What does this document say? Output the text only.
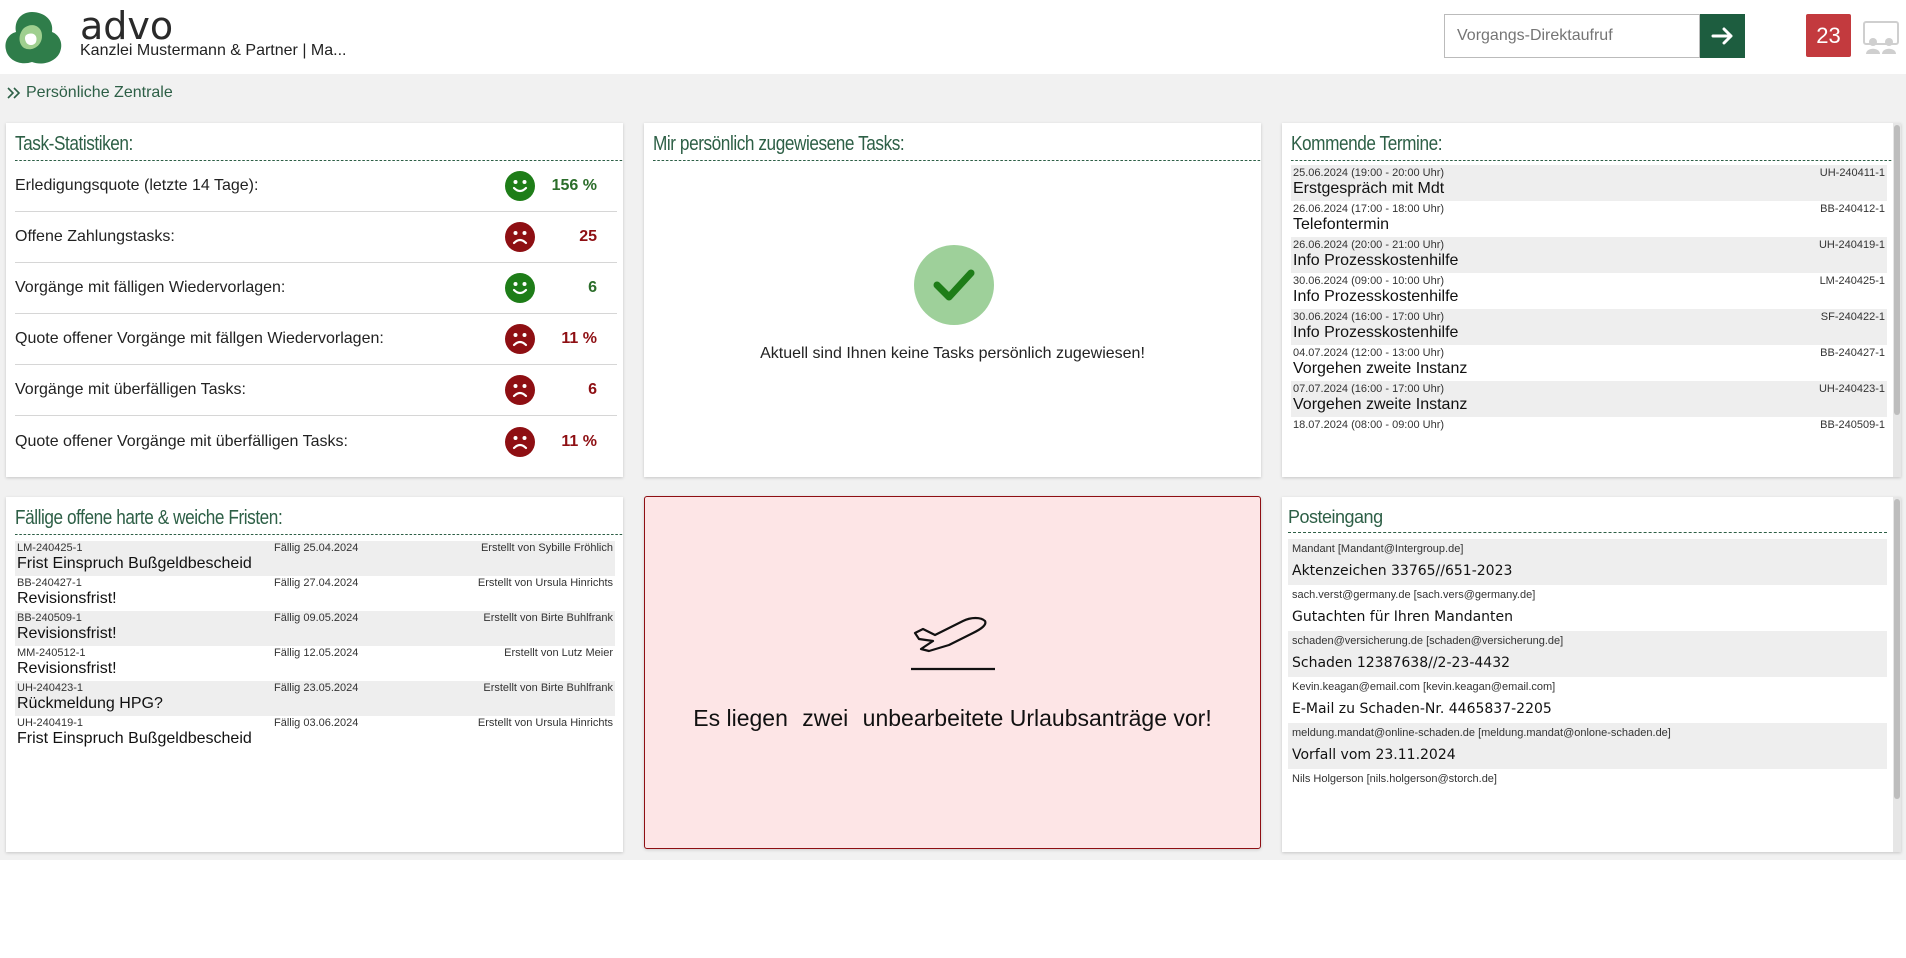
advo
Kanzlei Mustermann & Partner | Ma...
Vorgangs-Direktaufruf
23
Persönliche Zentrale
Task-Statistiken:
Erledigungsquote (letzte 14 Tage):	156 %
Offene Zahlungstasks:	25
Vorgänge mit fälligen Wiedervorlagen:	6
Quote offener Vorgänge mit fällgen Wiedervorlagen:	11 %
Vorgänge mit überfälligen Tasks:	6
Quote offener Vorgänge mit überfälligen Tasks:	11 %
Mir persönlich zugewiesene Tasks:
Aktuell sind Ihnen keine Tasks persönlich zugewiesen!
Kommende Termine:
25.06.2024 (19:00 - 20:00 Uhr)	UH-240411-1
Erstgespräch mit Mdt
26.06.2024 (17:00 - 18:00 Uhr)	BB-240412-1
Telefontermin
26.06.2024 (20:00 - 21:00 Uhr)	UH-240419-1
Info Prozesskostenhilfe
30.06.2024 (09:00 - 10:00 Uhr)	LM-240425-1
Info Prozesskostenhilfe
30.06.2024 (16:00 - 17:00 Uhr)	SF-240422-1
Info Prozesskostenhilfe
04.07.2024 (12:00 - 13:00 Uhr)	BB-240427-1
Vorgehen zweite Instanz
07.07.2024 (16:00 - 17:00 Uhr)	UH-240423-1
Vorgehen zweite Instanz
18.07.2024 (08:00 - 09:00 Uhr)	BB-240509-1
Fällige offene harte & weiche Fristen:
LM-240425-1	Fällig 25.04.2024	Erstellt von Sybille Fröhlich
Frist Einspruch Bußgeldbescheid
BB-240427-1	Fällig 27.04.2024	Erstellt von Ursula Hinrichts
Revisionsfrist!
BB-240509-1	Fällig 09.05.2024	Erstellt von Birte Buhlfrank
Revisionsfrist!
MM-240512-1	Fällig 12.05.2024	Erstellt von Lutz Meier
Revisionsfrist!
UH-240423-1	Fällig 23.05.2024	Erstellt von Birte Buhlfrank
Rückmeldung HPG?
UH-240419-1	Fällig 03.06.2024	Erstellt von Ursula Hinrichts
Frist Einspruch Bußgeldbescheid
Es liegen zwei unbearbeitete Urlaubsanträge vor!
Posteingang
Mandant [Mandant@Intergroup.de]
Aktenzeichen 33765//651-2023
sach.verst@germany.de [sach.vers@germany.de]
Gutachten für Ihren Mandanten
schaden@versicherung.de [schaden@versicherung.de]
Schaden 12387638//2-23-4432
Kevin.keagan@email.com [kevin.keagan@email.com]
E-Mail zu Schaden-Nr. 4465837-2205
meldung.mandat@online-schaden.de [meldung.mandat@onlone-schaden.de]
Vorfall vom 23.11.2024
Nils Holgerson [nils.holgerson@storch.de]
